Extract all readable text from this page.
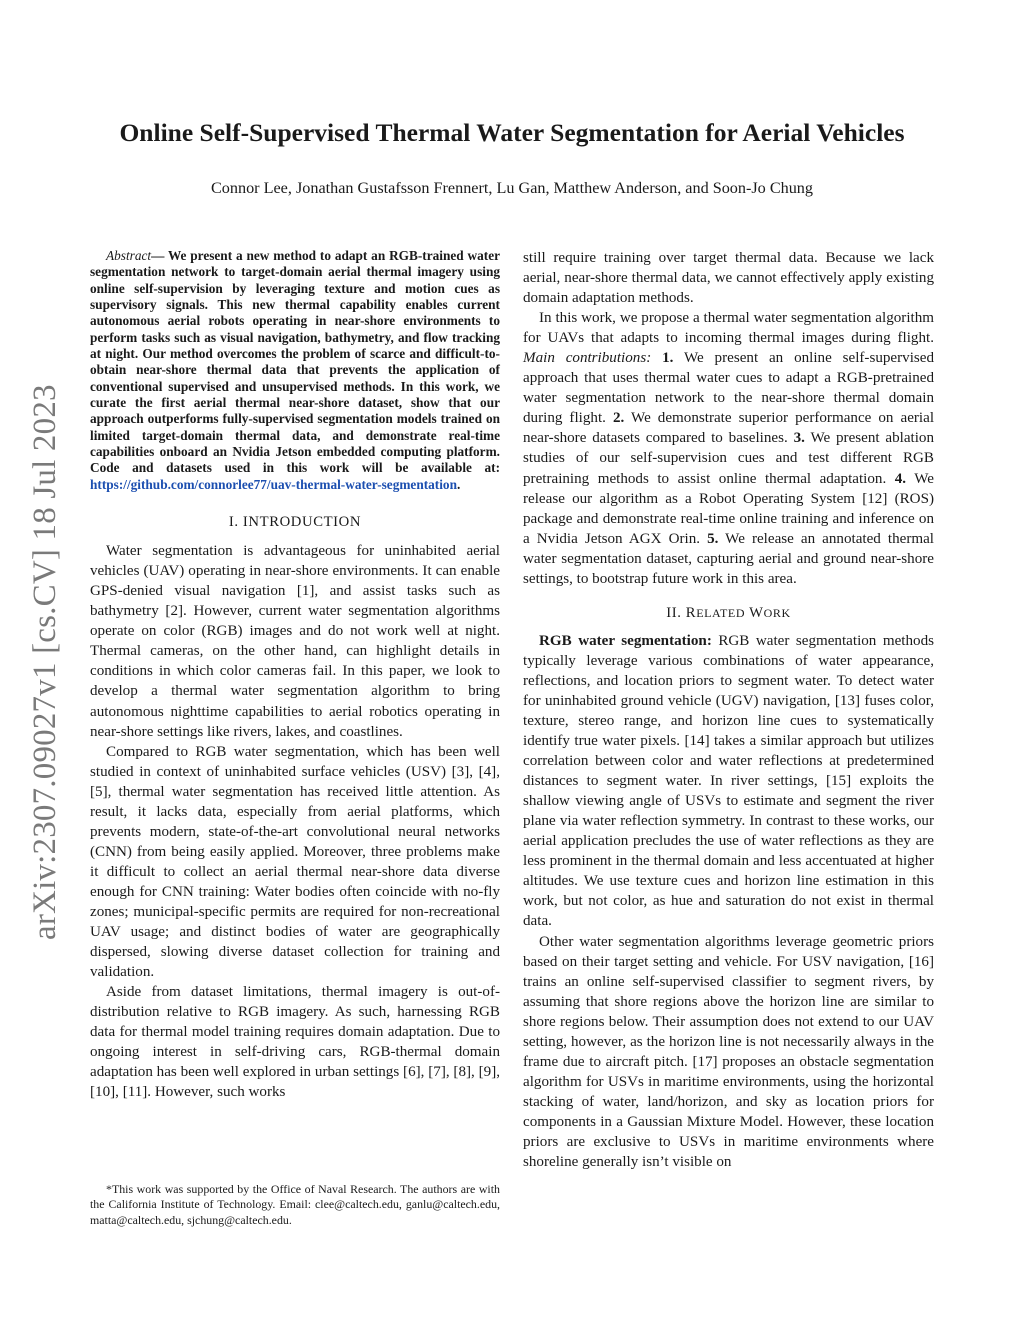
arXiv:2307.09027v1 [cs.CV] 18 Jul 2023
Online Self-Supervised Thermal Water Segmentation for Aerial Vehicles
Connor Lee, Jonathan Gustafsson Frennert, Lu Gan, Matthew Anderson, and Soon-Jo Chung

Abstract— We present a new method to adapt an RGB-trained water segmentation network to target-domain aerial thermal imagery using online self-supervision by leveraging texture and motion cues as supervisory signals. This new thermal capability enables current autonomous aerial robots operating in near-shore environments to perform tasks such as visual navigation, bathymetry, and flow tracking at night. Our method overcomes the problem of scarce and difficult-to-obtain near-shore thermal data that prevents the application of conventional supervised and unsupervised methods. In this work, we curate the first aerial thermal near-shore dataset, show that our approach outperforms fully-supervised segmentation models trained on limited target-domain thermal data, and demonstrate real-time capabilities onboard an Nvidia Jetson embedded computing platform. Code and datasets used in this work will be available at: https://github.com/connorlee77/uav-thermal-water-segmentation.

I. INTRODUCTION

Water segmentation is advantageous for uninhabited aerial vehicles (UAV) operating in near-shore environments. It can enable GPS-denied visual navigation [1], and assist tasks such as bathymetry [2]. However, current water segmentation algorithms operate on color (RGB) images and do not work well at night. Thermal cameras, on the other hand, can highlight details in conditions in which color cameras fail. In this paper, we look to develop a thermal water segmentation algorithm to bring autonomous nighttime capabilities to aerial robotics operating in near-shore settings like rivers, lakes, and coastlines.

Compared to RGB water segmentation, which has been well studied in context of uninhabited surface vehicles (USV) [3], [4], [5], thermal water segmentation has received little attention. As result, it lacks data, especially from aerial platforms, which prevents modern, state-of-the-art convolutional neural networks (CNN) from being easily applied. Moreover, three problems make it difficult to collect an aerial thermal near-shore data diverse enough for CNN training: Water bodies often coincide with no-fly zones; municipal-specific permits are required for non-recreational UAV usage; and distinct bodies of water are geographically dispersed, slowing diverse dataset collection for training and validation.

Aside from dataset limitations, thermal imagery is out-of-distribution relative to RGB imagery. As such, harnessing RGB data for thermal model training requires domain adaptation. Due to ongoing interest in self-driving cars, RGB-thermal domain adaptation has been well explored in urban settings [6], [7], [8], [9], [10], [11]. However, such works

*This work was supported by the Office of Naval Research. The authors are with the California Institute of Technology. Email: clee@caltech.edu, ganlu@caltech.edu, matta@caltech.edu, sjchung@caltech.edu.

still require training over target thermal data. Because we lack aerial, near-shore thermal data, we cannot effectively apply existing domain adaptation methods.

In this work, we propose a thermal water segmentation algorithm for UAVs that adapts to incoming thermal images during flight. Main contributions: 1. We present an online self-supervised approach that uses thermal water cues to adapt a RGB-pretrained water segmentation network to the near-shore thermal domain during flight. 2. We demonstrate superior performance on aerial near-shore datasets compared to baselines. 3. We present ablation studies of our self-supervision cues and test different RGB pretraining methods to assist online thermal adaptation. 4. We release our algorithm as a Robot Operating System [12] (ROS) package and demonstrate real-time online training and inference on a Nvidia Jetson AGX Orin. 5. We release an annotated thermal water segmentation dataset, capturing aerial and ground near-shore settings, to bootstrap future work in this area.

II. RELATED WORK

RGB water segmentation: RGB water segmentation methods typically leverage various combinations of water appearance, reflections, and location priors to segment water. To detect water for uninhabited ground vehicle (UGV) navigation, [13] fuses color, texture, stereo range, and horizon line cues to systematically identify true water pixels. [14] takes a similar approach but utilizes correlation between color and water reflections at predetermined distances to segment water. In river settings, [15] exploits the shallow viewing angle of USVs to estimate and segment the river plane via water reflection symmetry. In contrast to these works, our aerial application precludes the use of water reflections as they are less prominent in the thermal domain and less accentuated at higher altitudes. We use texture cues and horizon line estimation in this work, but not color, as hue and saturation do not exist in thermal data.

Other water segmentation algorithms leverage geometric priors based on their target setting and vehicle. For USV navigation, [16] trains an online self-supervised classifier to segment rivers, by assuming that shore regions above the horizon line are similar to shore regions below. Their assumption does not extend to our UAV setting, however, as the horizon line is not necessarily always in the frame due to aircraft pitch. [17] proposes an obstacle segmentation algorithm for USVs in maritime environments, using the horizontal stacking of water, land/horizon, and sky as location priors for components in a Gaussian Mixture Model. However, these location priors are exclusive to USVs in maritime environments where shoreline generally isn’t visible on
